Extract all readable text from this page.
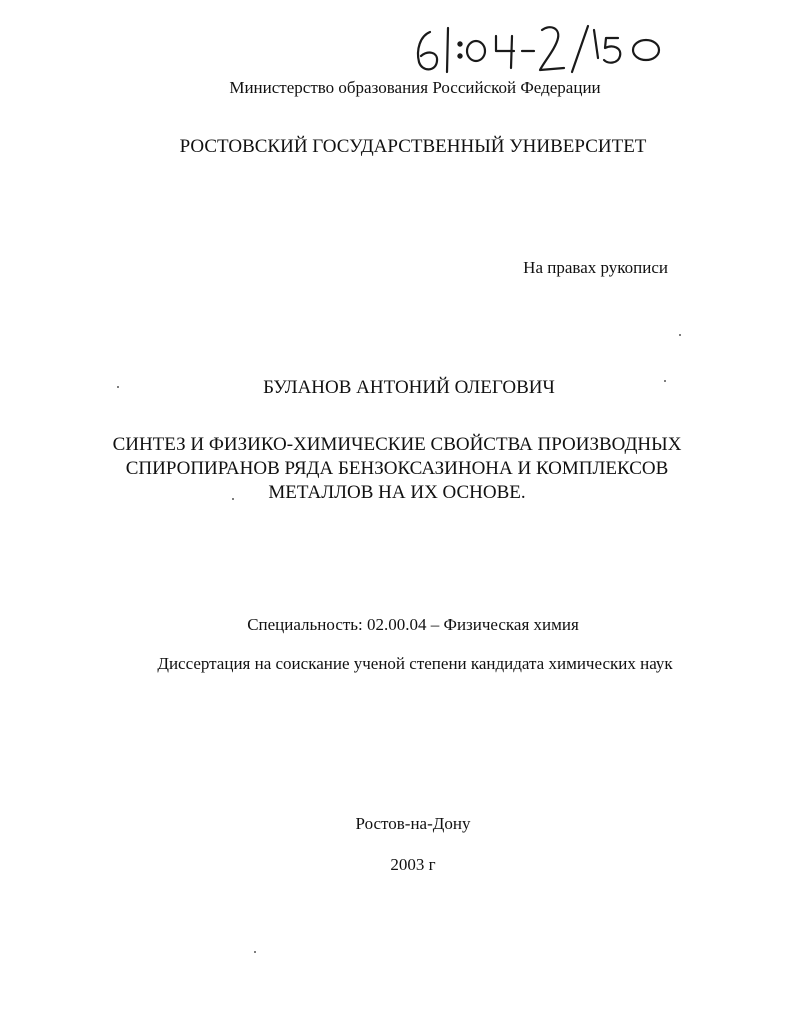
Министерство образования Российской Федерации
РОСТОВСКИЙ ГОСУДАРСТВЕННЫЙ УНИВЕРСИТЕТ
На правах рукописи
БУЛАНОВ АНТОНИЙ ОЛЕГОВИЧ
СИНТЕЗ И ФИЗИКО-ХИМИЧЕСКИЕ СВОЙСТВА ПРОИЗВОДНЫХ
СПИРОПИРАНОВ РЯДА БЕНЗОКСАЗИНОНА И КОМПЛЕКСОВ
МЕТАЛЛОВ НА ИХ ОСНОВЕ.
Специальность: 02.00.04 – Физическая химия
Диссертация на соискание ученой степени кандидата химических наук
Ростов-на-Дону
2003 г
